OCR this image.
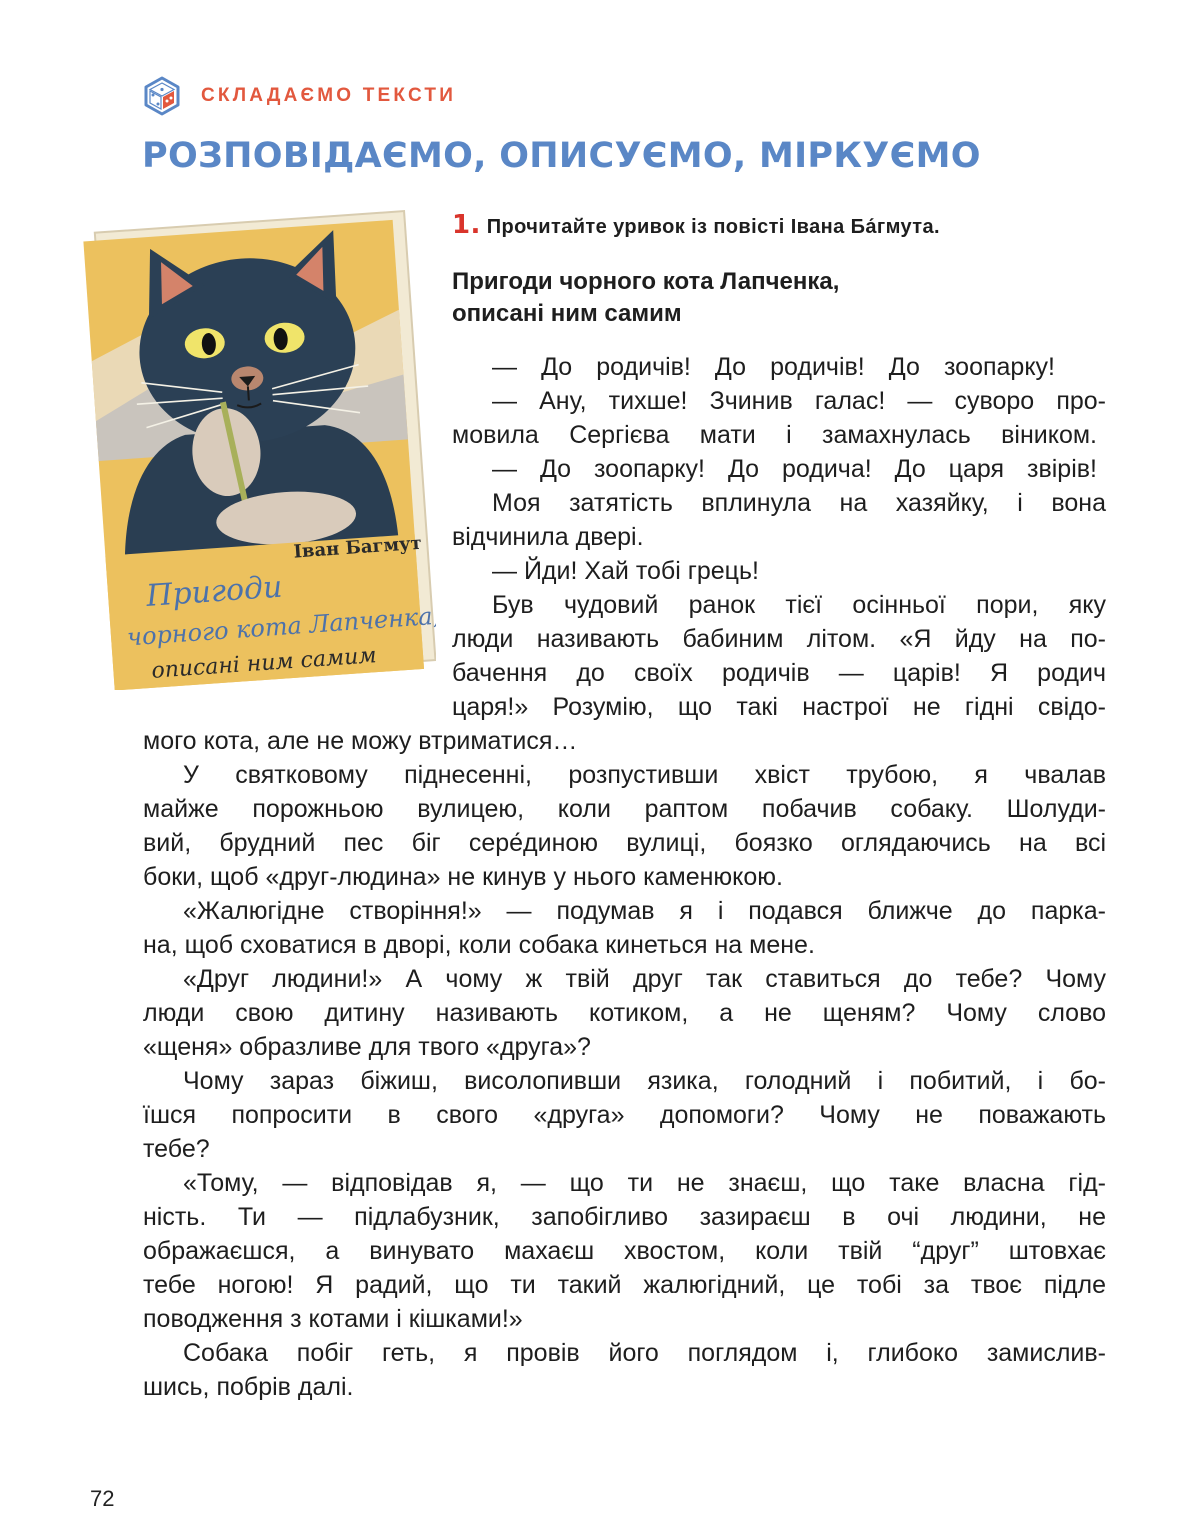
СКЛАДАЄМО ТЕКСТИ
РОЗПОВІДАЄМО, ОПИСУЄМО, МІРКУЄМО
Іван Багмут
Пригоди
чорного кота Лапченка,
описані ним самим
1. Прочитайте уривок із повісті Івана Ба́гмута.
Пригоди чорного кота Лапченка,
описані ним самим

— До родичів! До родичів! До зоопарку!

— Ану, тихше! Зчинив галас! — суворо про-

мовила Сергієва мати і замахнулась віником.

— До зоопарку! До родича! До царя звірів!

Моя затятість вплинула на хазяйку, і вона

відчинила двері.

— Йди! Хай тобі грець!

Був чудовий ранок тієї осінньої пори, яку

люди називають бабиним літом. «Я йду на по-

бачення до своїх родичів — царів! Я родич

царя!» Розумію, що такі настрої не гідні свідо-

мого кота, але не можу втриматися…

У святковому піднесенні, розпустивши хвіст трубою, я чвалав

майже порожньою вулицею, коли раптом побачив собаку. Шолуди-

вий, брудний пес біг сере́диною вулиці, боязко оглядаючись на всі

боки, щоб «друг-людина» не кинув у нього каменюкою.

«Жалюгідне створіння!» — подумав я і подався ближче до парка-

на, щоб сховатися в дворі, коли собака кинеться на мене.

«Друг людини!» А чому ж твій друг так ставиться до тебе? Чому

люди свою дитину називають котиком, а не щеням? Чому слово

«щеня» образливе для твого «друга»?

Чому зараз біжиш, висолопивши язика, голодний і побитий, і бо-

їшся попросити в свого «друга» допомоги? Чому не поважають

тебе?

«Тому, — відповідав я, — що ти не знаєш, що таке власна гід-

ність. Ти — підлабузник, запобігливо зазираєш в очі людини, не

ображаєшся, а винувато махаєш хвостом, коли твій “друг” штовхає

тебе ногою! Я радий, що ти такий жалюгідний, це тобі за твоє підле

поводження з котами і кішками!»

Собака побіг геть, я провів його поглядом і, глибоко замислив-

шись, побрів далі.

72
